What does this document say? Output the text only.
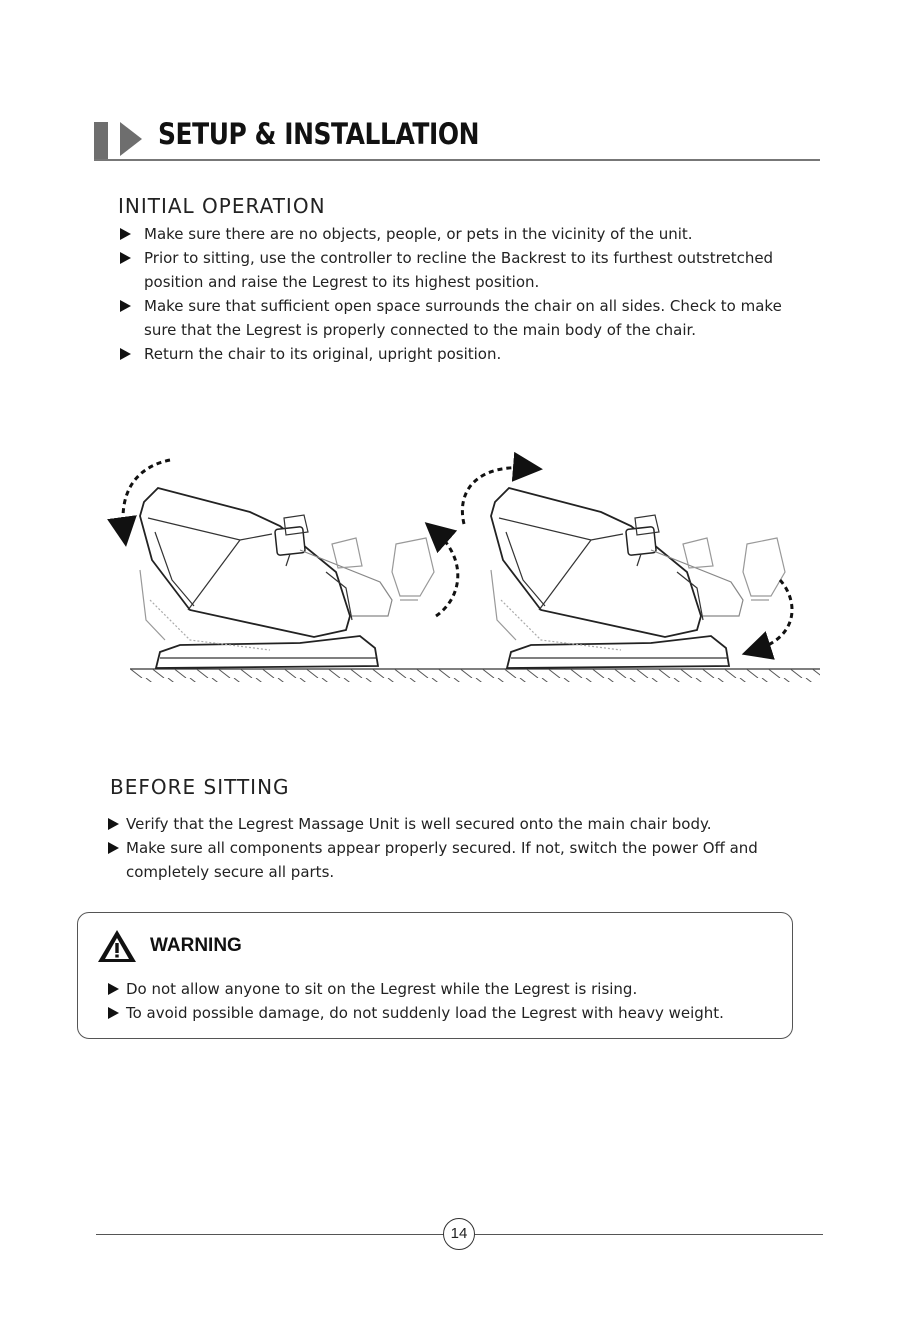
SETUP & INSTALLATION
INITIAL OPERATION
Make sure there are no objects, people, or pets in the vicinity of the unit.
Prior to sitting, use the controller to recline the Backrest to its furthest outstretched position and raise the Legrest to its highest position.
Make sure that sufficient open space surrounds the chair on all sides. Check to make sure that the Legrest is properly connected to the main body of the chair.
Return the chair to its original, upright position.
BEFORE SITTING
Verify that the Legrest Massage Unit is well secured onto the main chair body.
Make sure all components appear properly secured. If not, switch the power Off and completely secure all parts.
WARNING
Do not allow anyone to sit on the Legrest while the Legrest is rising.
To avoid possible damage, do not suddenly load the Legrest with heavy weight.
14
